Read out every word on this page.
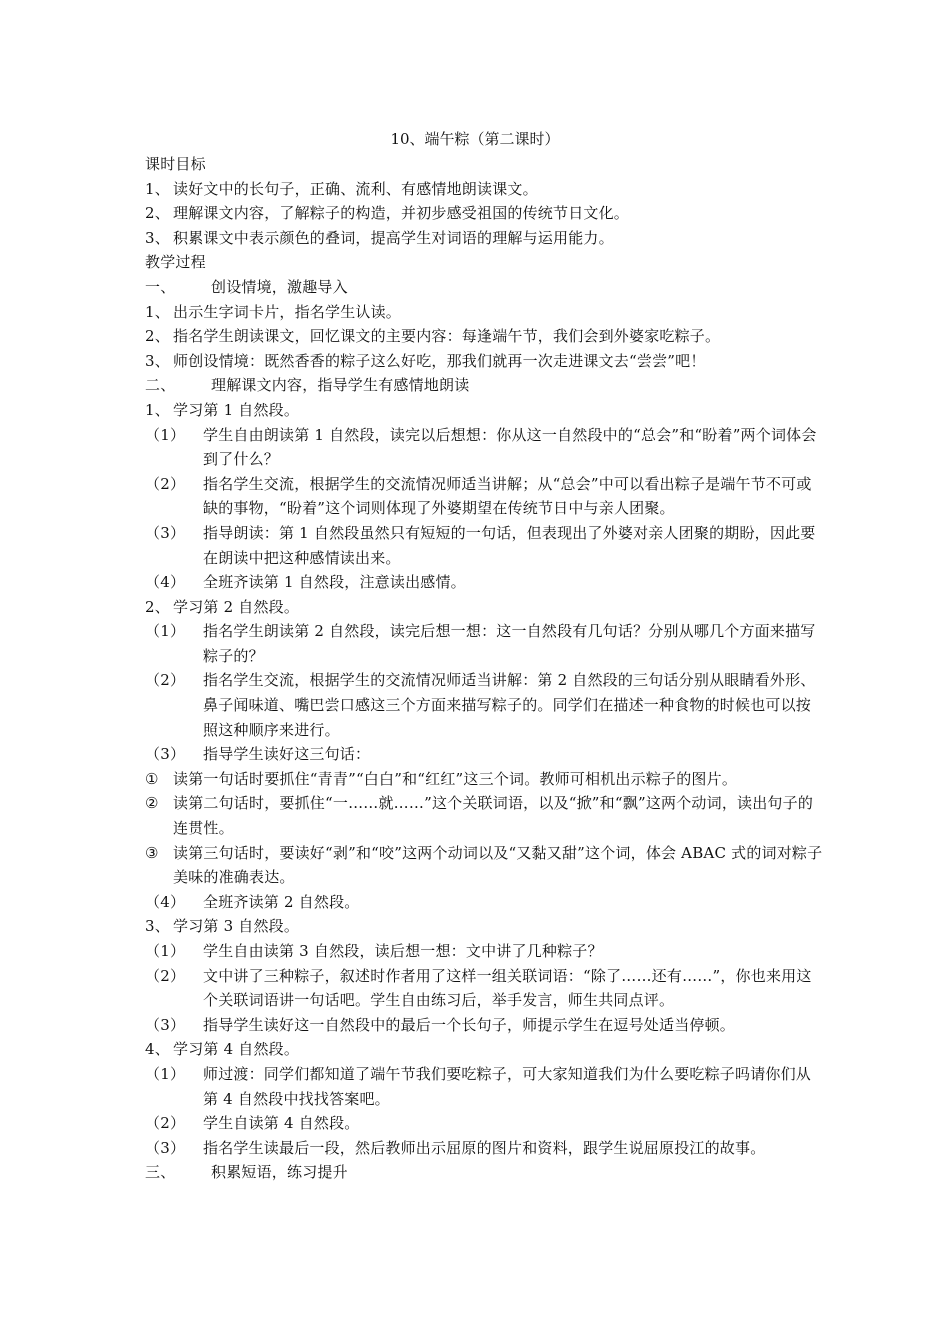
10、端午粽（第二课时）

课时目标

1、 读好文中的长句子，正确、流利、有感情地朗读课文。
2、 理解课文内容，了解粽子的构造，并初步感受祖国的传统节日文化。
3、 积累课文中表示颜色的叠词，提高学生对词语的理解与运用能力。

教学过程

一、	创设情境，激趣导入
1、 出示生字词卡片，指名学生认读。
2、 指名学生朗读课文，回忆课文的主要内容：每逢端午节，我们会到外婆家吃粽子。
3、 师创设情境：既然香香的粽子这么好吃，那我们就再一次走进课文去“尝尝”吧！
二、	理解课文内容，指导学生有感情地朗读
1、 学习第 1 自然段。
（1）	学生自由朗读第 1 自然段，读完以后想想：你从这一自然段中的“总会”和“盼着”两个词体会到了什么？
（2）	指名学生交流，根据学生的交流情况师适当讲解；从“总会”中可以看出粽子是端午节不可或缺的事物，“盼着”这个词则体现了外婆期望在传统节日中与亲人团聚。
（3）	指导朗读：第 1 自然段虽然只有短短的一句话，但表现出了外婆对亲人团聚的期盼，因此要在朗读中把这种感情读出来。
（4）	全班齐读第 1 自然段，注意读出感情。
2、 学习第 2 自然段。
（1）	指名学生朗读第 2 自然段，读完后想一想：这一自然段有几句话？分别从哪几个方面来描写粽子的？
（2）	指名学生交流，根据学生的交流情况师适当讲解：第 2 自然段的三句话分别从眼睛看外形、鼻子闻味道、嘴巴尝口感这三个方面来描写粽子的。同学们在描述一种食物的时候也可以按照这种顺序来进行。
（3）	指导学生读好这三句话：
① 读第一句话时要抓住“青青”“白白”和“红红”这三个词。教师可相机出示粽子的图片。
② 读第二句话时，要抓住“一……就……”这个关联词语，以及“掀”和“飘”这两个动词，读出句子的连贯性。
③ 读第三句话时，要读好“剥”和“咬”这两个动词以及“又黏又甜”这个词，体会 ABAC 式的词对粽子美味的准确表达。
（4）	全班齐读第 2 自然段。
3、 学习第 3 自然段。
（1）	学生自由读第 3 自然段，读后想一想：文中讲了几种粽子？
（2）	文中讲了三种粽子，叙述时作者用了这样一组关联词语：“除了……还有……”，你也来用这个关联词语讲一句话吧。学生自由练习后，举手发言，师生共同点评。
（3）	指导学生读好这一自然段中的最后一个长句子，师提示学生在逗号处适当停顿。
4、 学习第 4 自然段。
（1）	师过渡：同学们都知道了端午节我们要吃粽子，可大家知道我们为什么要吃粽子吗请你们从第 4 自然段中找找答案吧。
（2）	学生自读第 4 自然段。
（3）	指名学生读最后一段，然后教师出示屈原的图片和资料，跟学生说屈原投江的故事。
三、	积累短语，练习提升
